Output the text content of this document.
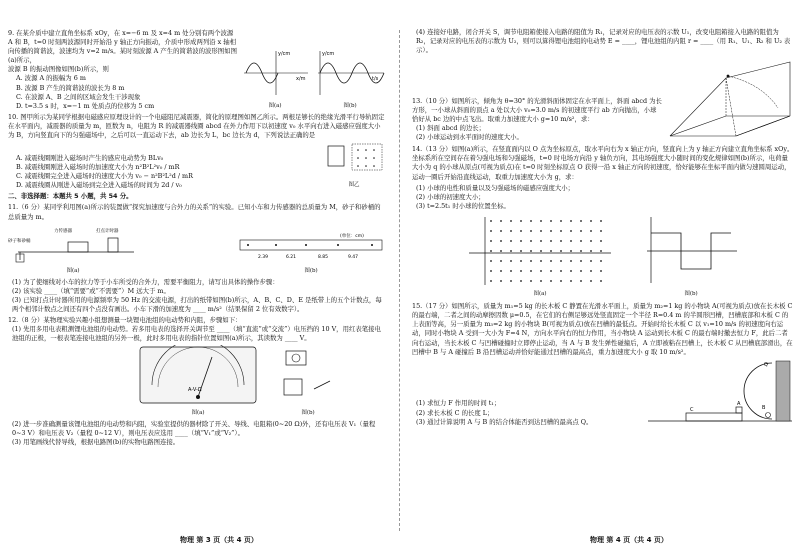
9. 在某介质中建立直角坐标系 xOy，在 x=−6 m 及 x=4 m 处分别有两个波源 A 和 B，t=0 时刻两波源同时开始沿 y 轴正方向振动，介质中形成两列沿 x 轴相向传播的简谐波，波速均为 v=2 m/s。某时刻波源 A 产生的简谐波的波形图如图(a)所示，

波源 B 的振动图像如图(b)所示，则

A. 波源 A 的振幅为 6 m

B. 波源 B 产生的简谐波的波长为 8 m

C. 在波源 A、B 之间的区域会发生干涉现象

D. t=3.5 s 时，x=−1 m 处质点的位移为 5 cm

y/cm
x/m
图(a)
y/cm
t/s
图(b)

10. 图甲所示为某同学根据电磁感应原理设计的一个电磁阻尼减震器，简化的原理图如图乙所示。两根足够长的绝缘光滑平行导轨固定在水平面内，减震器的质量为 m，匝数为 n，电阻为 R 的减震器线圈 abcd 在外力作用下以初速度 v₀ 水平向右进入磁感应强度大小为 B，方向竖直向下的匀强磁场中，之后可以一直运动下去，ab 边长为 L，bc 边长为 d，下列说法正确的是

A. 减震线圈刚进入磁场时产生的感应电动势为 BLv₀

B. 减震线圈刚进入磁场时的加速度大小为 n²B²L²v₀ / mR

C. 减震线圈完全进入磁场时的速度大小为 v₀ − n²B²L²d / mR

D. 减震线圈从刚进入磁场到完全进入磁场的时间为 2d / v₀	图乙

二、非选择题：本题共 5 小题，共 54 分。

11.（6 分）某同学利用图(a)所示的装置做“探究加速度与合外力的关系”的实验。已知小车和力传感器的总质量为 M，砂子和砂桶的总质量为 m。

力传感器	打点计时器
砂子和砂桶
图(a)
2.39	6.21	8.85	9.47
(单位：cm)
图(b)

(1) 为了使细线对小车的拉力等于小车所受的合外力，需要平衡阻力，请写出具体的操作步骤：

(2) 该实验 ____（填“需要”或“不需要”）M 远大于 m。

(3) 已知打点计时器所用的电源频率为 50 Hz 的交流电源，打出的纸带如图(b)所示，A、B、C、D、E 是纸带上的五个计数点，每两个相邻计数点之间还有四个点没有画出。小车下滑的加速度为 ____ m/s²（结果保留 2 位有效数字）。

12.（8 分）某物理实验兴趣小组想测量一块锂电池组的电动势和内阻，步骤如下：

(1) 先用多用电表粗测锂电池组的电动势。若多用电表的选择开关调节至 ____（填“直流”或“交流”）电压挡的 10 V，用红表笔接电池组的正极，一根表笔连接电池组的另外一极，此时多用电表的指针位置如图(a)所示，其读数为 ____ V。

A-V-Ω
图(a)	图(b)

(2) 进一步准确测量该锂电池组的电动势和内阻，实验室提供的器材除了开关、导线、电阻箱(0~20 Ω)外，还有电压表 V₁（量程 0~3 V）和电压表 V₂（量程 0~12 V），则电压表应选用 ____（填“V₁”或“V₂”）。

(3) 用笔画线代替导线，根据电路图(b)的实物电路图连接。

(4) 连接好电路，闭合开关 S，调节电阻箱使接入电路的阻值为 R₁，记录对应的电压表的示数 U₁，改变电阻箱接入电路的阻值为 R₂，记录对应的电压表的示数为 U₂，则可以算得锂电池组的电动势 E = ____，锂电池组的内阻 r = ____（用 R₁、U₁、R₂ 和 U₂ 表示）。

13.（10 分）如图所示，倾角为 θ=30° 的光滑斜面体固定在水平面上，斜面 abcd 为长方形，一小球从斜面的顶点 a 处以大小 v₀=3.0 m/s 的初速度平行 ab 方向抛出，小球恰好从 bc 边的中点飞出。取重力加速度大小 g=10 m/s²，求：

(1) 斜面 abcd 的边长；

(2) 小球运动到水平面时的速度大小。

14.（13 分）如图(a)所示，在竖直面内以 O 点为坐标原点，取水平向右为 x 轴正方向，竖直向上为 y 轴正方向建立直角坐标系 xOy。坐标系所在空间存在着匀强电场和匀强磁场，t=0 时电场方向沿 y 轴负方向，其电场强度大小随时间的变化规律如图(b)所示，电荷量大小为 q 的小球从原点(可视为质点)在 t=0 时刻坐标原点 O 获得一沿 x 轴正方向的初速度，恰好能够在坐标平面内做匀速圆周运动，运动一圈后开始沿直线运动，取重力加速度大小为 g，求：

(1) 小球的电性和质量以及匀强磁场的磁感应强度大小；

(2) 小球的初速度大小；

(3) t=2.5t₁ 时小球的位置坐标。

图(a)	图(b)

15.（17 分）如图所示，质量为 m₁=5 kg 的长木板 C 静置在光滑水平面上，质量为 m₂=1 kg 的小物块 A(可视为质点)放在长木板 C 的最右端，二者之间的动摩擦因数 μ=0.5，在它们的右侧足够远处竖直固定一个半径 R=0.4 m 的半圆形凹槽，凹槽底部和木板 C 的上表面等高，另一质量为 m₃=2 kg 的小物块 B(可视为质点)放在凹槽的最低点。开始时给长木板 C 以 v₁=10 m/s 的初速度向右运动，同时小物块 A 受到一大小为 F=4 N，方向水平向右的恒力作用，当小物块 A 运动到长木板 C 的最右端时撤去恒力 F，此后二者向右运动，当长木板 C 与凹槽碰撞时立即停止运动，当 A 与 B 发生弹性碰撞后，A 立即被粘在凹槽上，长木板 C 从凹槽底部滑出，在凹槽中 B 与 A 碰撞后 B 沿凹槽运动并恰好能通过凹槽的最高点，重力加速度大小 g 取 10 m/s²。

(1) 求恒力 F 作用的时间 t₁；

(2) 求长木板 C 的长度 L；

(3) 通过计算说明 A 与 B 的结合体能否到达凹槽的最高点 Q。

A
B
C
Q
物理 第 3 页（共 4 页）	物理 第 4 页（共 4 页）
